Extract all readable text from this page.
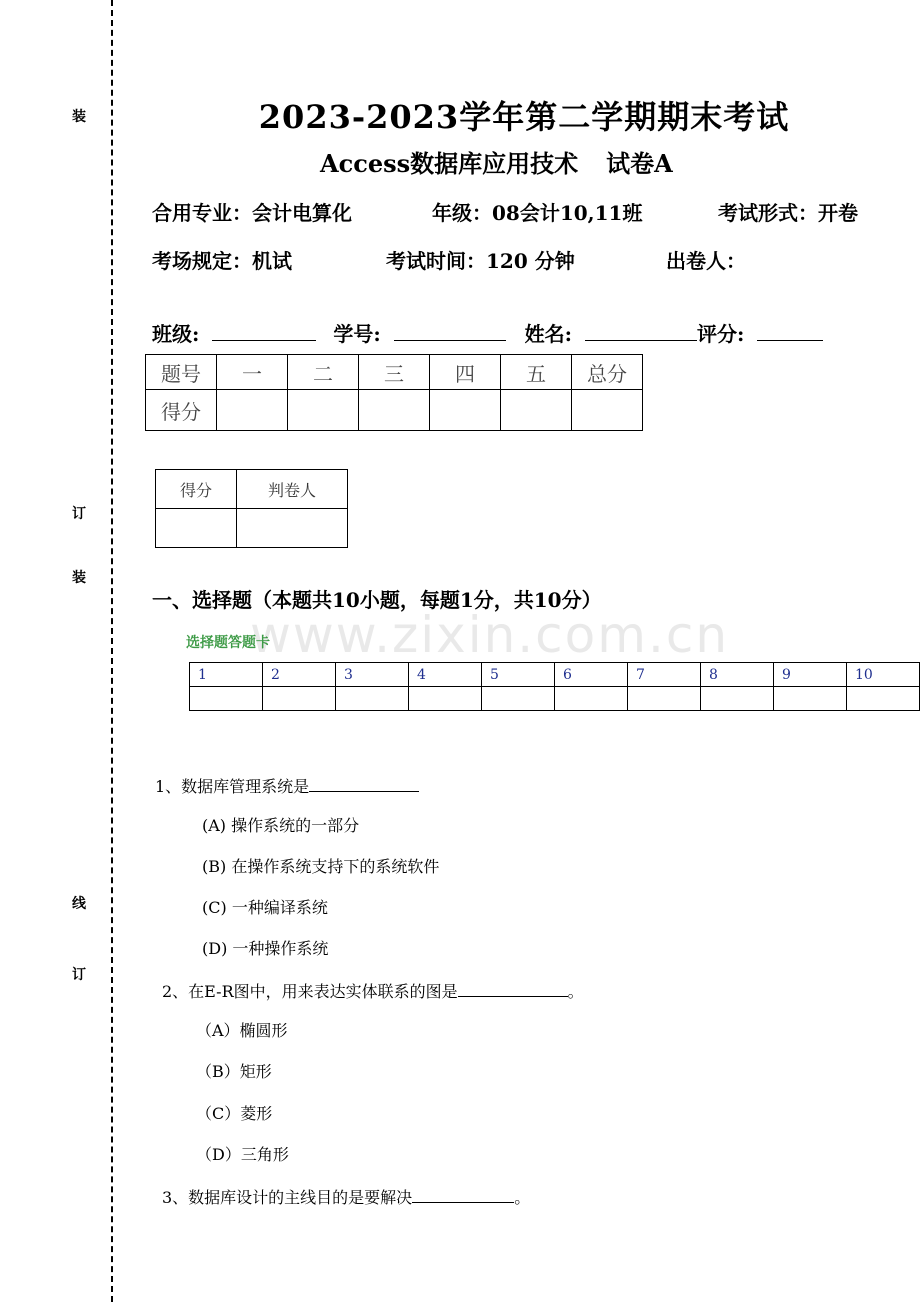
装
订
装
线
订
www.zixin.com.cn
2023-2023学年第二学期期末考试
Access数据库应用技术 试卷A
合用专业：会计电算化	年级：08会计10,11班	考试形式：开卷
考场规定：机试	考试时间：120 分钟	出卷人：
班级:	学号:	姓名:	评分:
题号	一	二	三	四	五	总分
得分						
得分	判卷人

一、选择题（本题共10小题，每题1分，共10分）
选择题答题卡
1	2	3	4	5	6	7	8	9	10

1、数据库管理系统是
(A) 操作系统的一部分
(B) 在操作系统支持下的系统软件
(C) 一种编译系统
(D) 一种操作系统
2、在E-R图中，用来表达实体联系的图是	。
（A）椭圆形
（B）矩形
（C）菱形
（D）三角形
3、数据库设计的主线目的是要解决	。
